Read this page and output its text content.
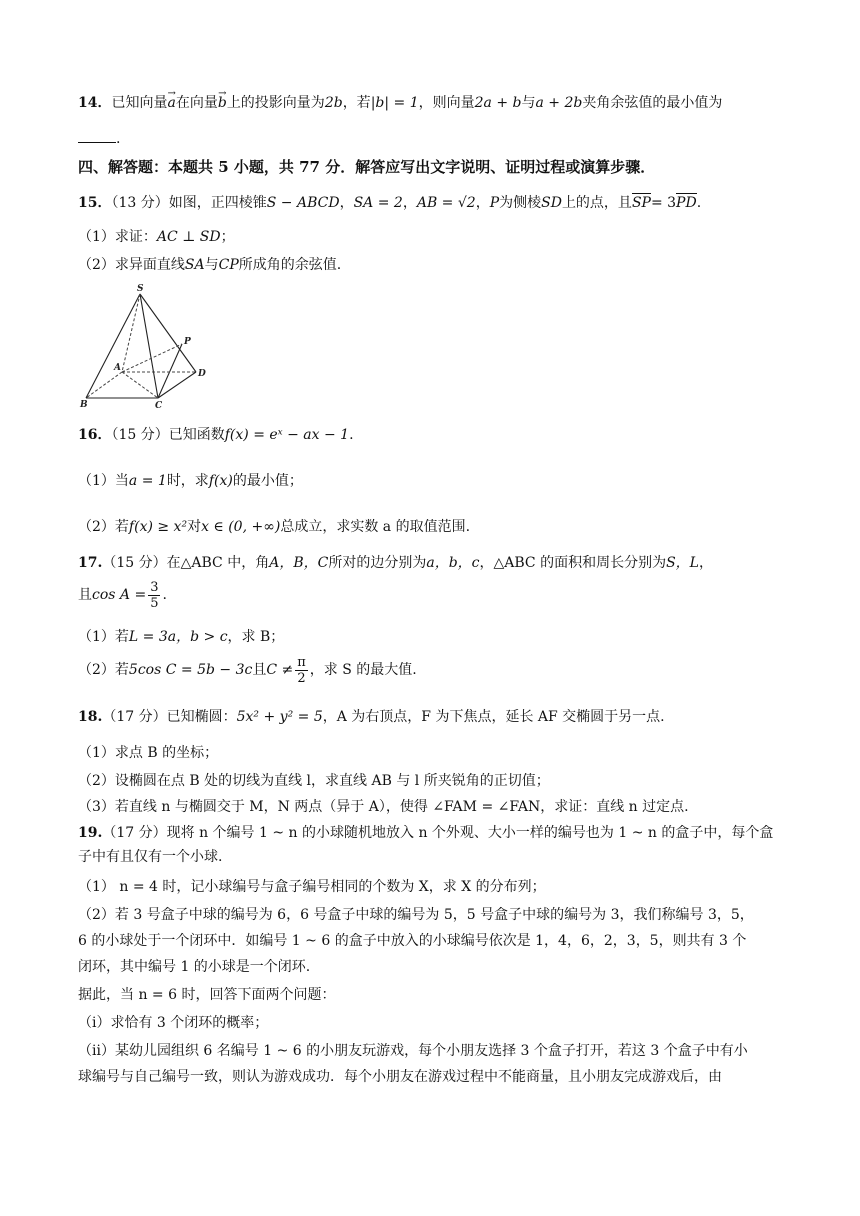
14．已知向量→ a在向量→ b上的投影向量为2b，若|b| = 1，则向量2a + b与a + 2b夹角余弦值的最小值为
.
四、解答题：本题共 5 小题，共 77 分．解答应写出文字说明、证明过程或演算步骤．
15．（13 分）如图，正四棱锥S − ABCD，SA = 2，AB = √2，P为侧棱SD上的点，且SP= 3PD.
（1）求证：AC ⊥ SD；
（2）求异面直线SA与CP所成角的余弦值.
S
P
A
D
B	C
16．（15 分）已知函数f(x) = eˣ − ax − 1.
（1）当a = 1时，求f(x)的最小值；
（2）若f(x) ≥ x²对x ∈ (0, +∞)总成立，求实数 a 的取值范围.
17.（15 分）在△ABC 中，角A，B，C所对的边分别为a，b，c，△ABC 的面积和周长分别为S，L，
且$\cos A = \frac{3}{5}$ .
（1）若L = 3a，b > c，求 B；
（2）若5cos C = 5b − 3c且$C \ne \frac{\pi}{2}$ ，求 S 的最大值.
18.（17 分）已知椭圆：5x² + y² = 5，A 为右顶点，F 为下焦点，延长 AF 交椭圆于另一点.
（1）求点 B 的坐标；
（2）设椭圆在点 B 处的切线为直线 l，求直线 AB 与 l 所夹锐角的正切值；
（3）若直线 n 与椭圆交于 M，N 两点（异于 A），使得 ∠FAM = ∠FAN，求证：直线 n 过定点.
19.（17 分）现将 n 个编号 1 ~ n 的小球随机地放入 n 个外观、大小一样的编号也为 1 ~ n 的盒子中，每个盒
子中有且仅有一个小球.
（1） n = 4 时，记小球编号与盒子编号相同的个数为 X，求 X 的分布列；
（2）若 3 号盒子中球的编号为 6，6 号盒子中球的编号为 5，5 号盒子中球的编号为 3，我们称编号 3，5，
6 的小球处于一个闭环中．如编号 1 ~ 6 的盒子中放入的小球编号依次是 1，4，6，2，3，5，则共有 3 个
闭环，其中编号 1 的小球是一个闭环.
据此，当 n = 6 时，回答下面两个问题：
（ⅰ）求恰有 3 个闭环的概率；
（ⅱ）某幼儿园组织 6 名编号 1 ~ 6 的小朋友玩游戏，每个小朋友选择 3 个盒子打开，若这 3 个盒子中有小
球编号与自己编号一致，则认为游戏成功．每个小朋友在游戏过程中不能商量，且小朋友完成游戏后，由
